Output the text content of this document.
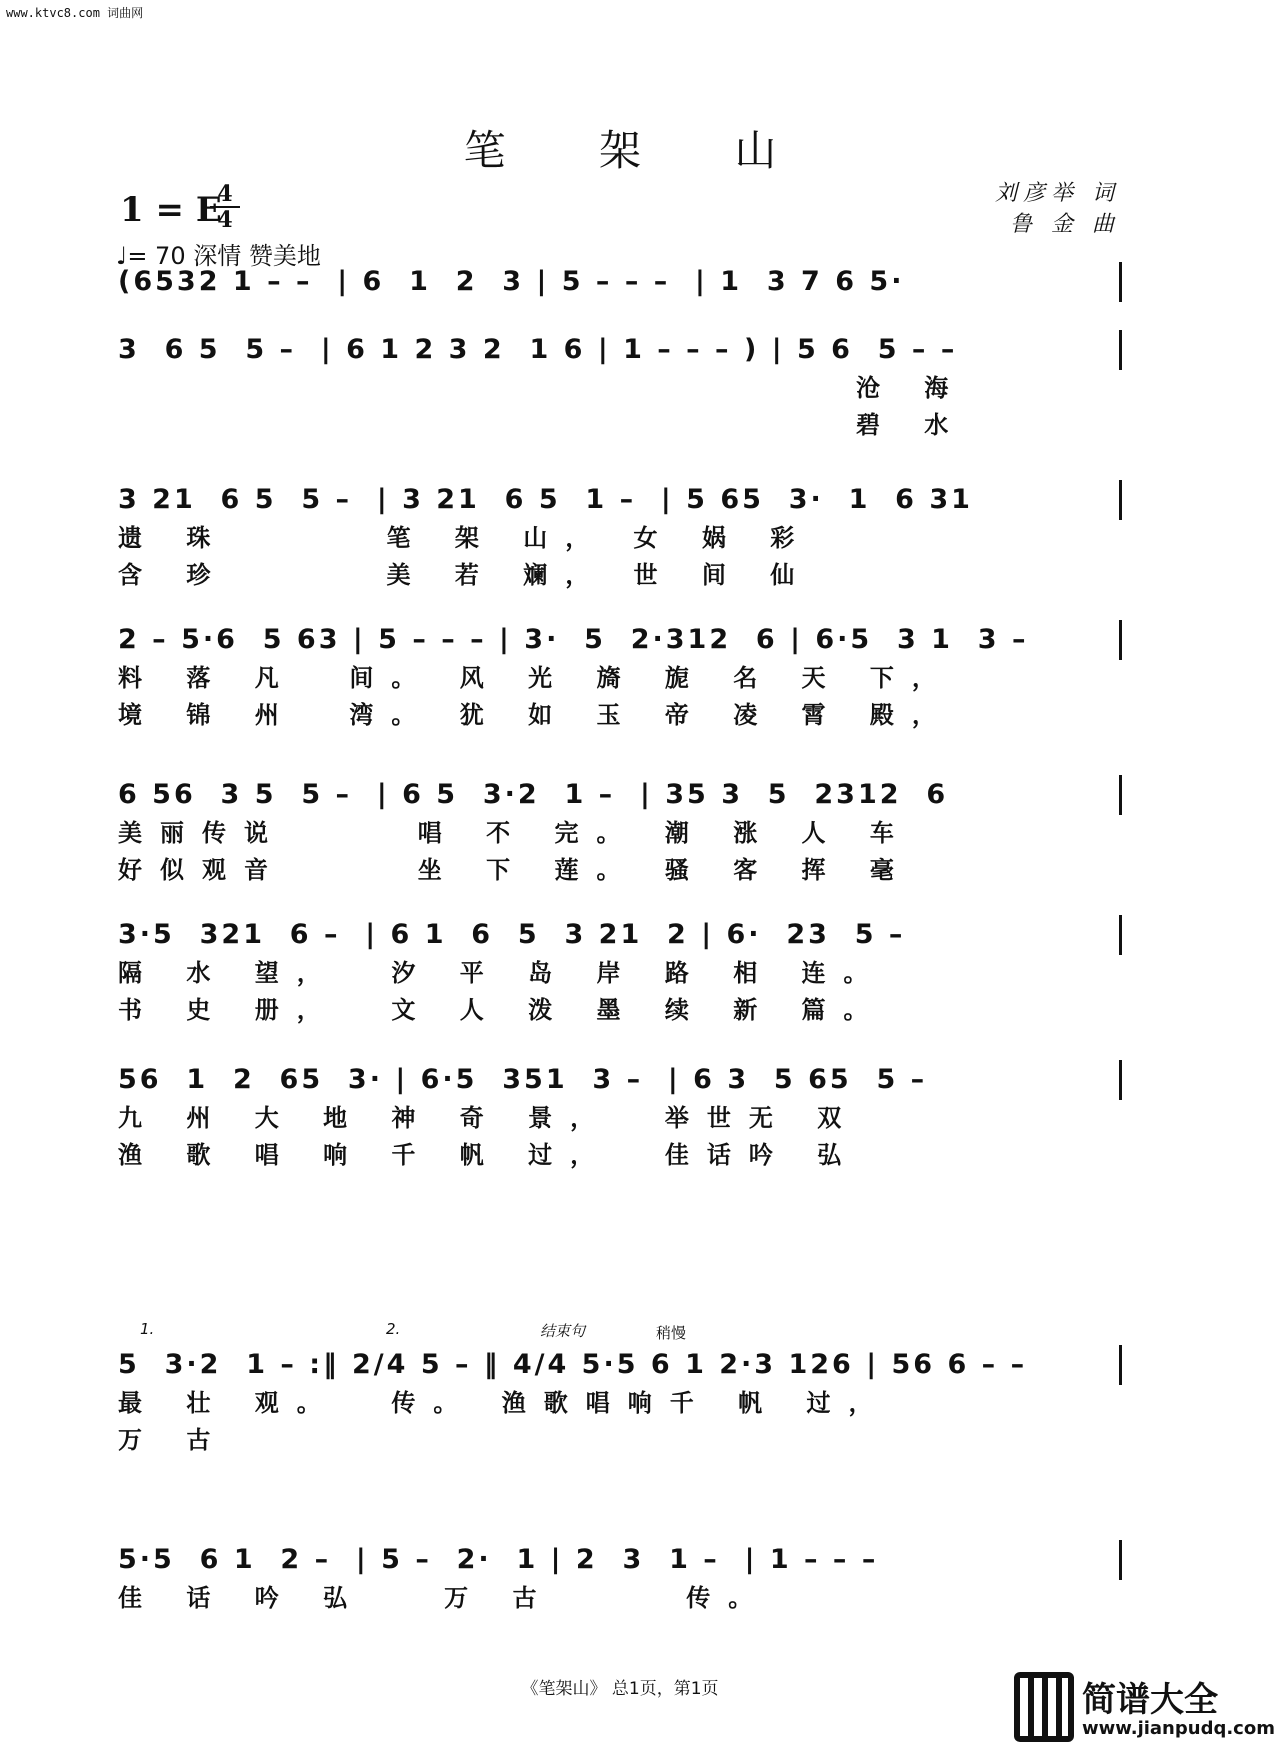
www.ktvc8.com 词曲网
笔 架 山
1 = E
4
4
♩= 70 深情 赞美地
刘彦举 词
鲁 金 曲
(6532 1 – –  | 6  1  2  3 | 5 – – –  | 1  3 7 6 5·
3  6 5  5 –  | 6 1 2 3 2  1 6 | 1 – – – ) | 5 6  5 – –
沧 海
碧 水
3 21  6 5  5 –  | 3 21  6 5  1 –  | 5 65  3·  1  6 31
遗 珠      笔 架 山， 女 娲 彩
含 珍      美 若 斓， 世 间 仙
2 – 5·6  5 63 | 5 – – – | 3·  5  2·312  6 | 6·5  3 1  3 –
料 落 凡  间。 风 光 旖 旎 名 天 下，
境 锦 州  湾。 犹 如 玉 帝 凌 霄 殿，
6 56  3 5  5 –  | 6 5  3·2  1 –  | 35 3  5  2312  6
美丽传说     唱 不 完。 潮 涨 人 车
好似观音     坐 下 莲。 骚 客 挥 毫
3·5  321  6 –  | 6 1  6  5  3 21  2 | 6·  23  5 –
隔 水 望，  汐 平 岛 岸 路 相 连。
书 史 册，  文 人 泼 墨 续 新 篇。
56  1  2  65  3· | 6·5  351  3 –  | 6 3  5 65  5 –
九 州 大 地 神 奇 景，  举世无 双
渔 歌 唱 响 千 帆 过，  佳话吟 弘
1.	2.	结束句	稍慢
5  3·2  1 – :‖ 2/4 5 – ‖ 4/4 5·5 6 1 2·3 126 | 56 6 – –
最 壮 观。  传。 渔歌唱响千 帆 过，
万 古
5·5  6 1  2 –  | 5 –  2·  1 | 2  3  1 –  | 1 – – –
佳 话 吟 弘   万 古     传。
《笔架山》 总1页，第1页	简谱大全
www.jianpudq.com
